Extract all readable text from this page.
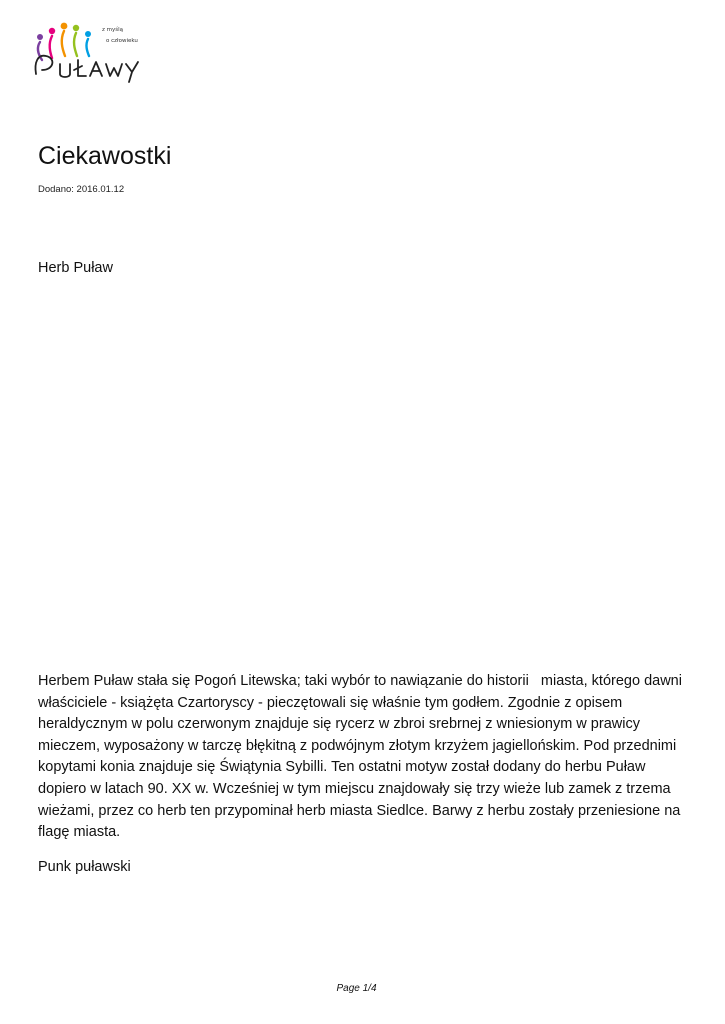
z myślą
o człowieku
Ciekawostki
Dodano: 2016.01.12
Herb Puław

Herbem Puław stała się Pogoń Litewska; taki wybór to nawiązanie do historii   miasta, którego dawni właściciele - książęta Czartoryscy - pieczętowali się właśnie tym godłem. Zgodnie z opisem heraldycznym w polu czerwonym znajduje się rycerz w zbroi srebrnej z wniesionym w prawicy mieczem, wyposażony w tarczę błękitną z podwójnym złotym krzyżem jagiellońskim. Pod przednimi kopytami konia znajduje się Świątynia Sybilli. Ten ostatni motyw został dodany do herbu Puław dopiero w latach 90. XX w. Wcześniej w tym miejscu znajdowały się trzy wieże lub zamek z trzema wieżami, przez co herb ten przypominał herb miasta Siedlce. Barwy z herbu zostały przeniesione na flagę miasta.

Punk puławski
Page 1/4
